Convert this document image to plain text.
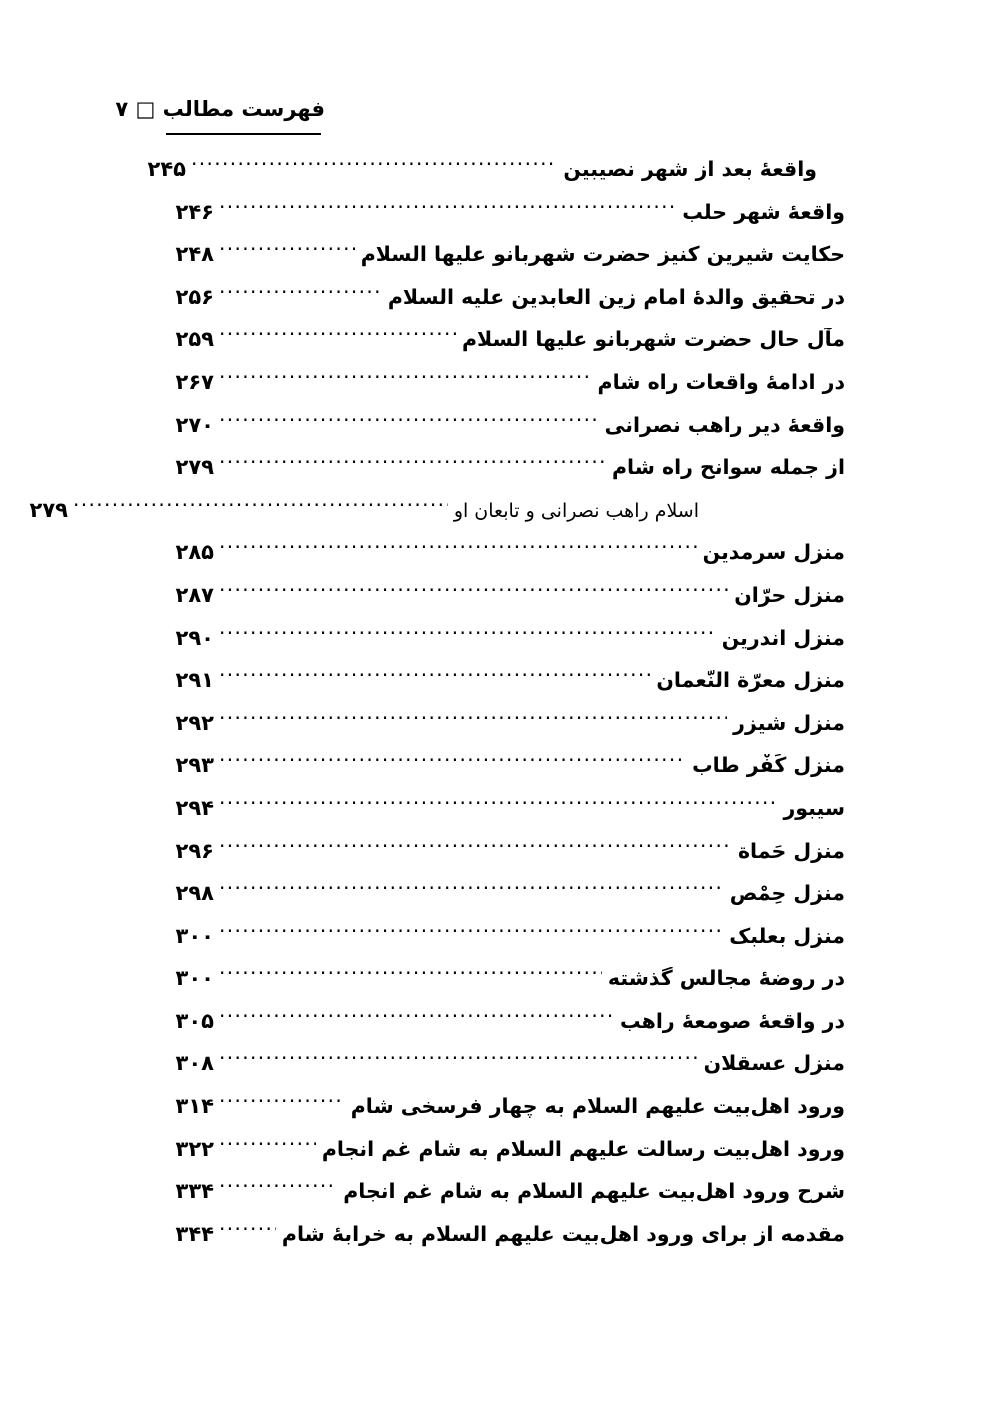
فهرست مطالب □ ۷
واقعهٔ بعد از شهر نصیبین
.....
۲۴۵
واقعهٔ شهر حلب
.....
۲۴۶
حکایت شیرین کنیز حضرت شهربانو علیها السلام
.....
۲۴۸
در تحقیق والدهٔ امام زین العابدین علیه السلام
.....
۲۵۶
مآل حال حضرت شهربانو علیها السلام
.....
۲۵۹
در ادامهٔ واقعات راه شام
.....
۲۶۷
واقعهٔ دیر راهب نصرانی
.....
۲۷۰
از جمله سوانح راه شام
.....
۲۷۹
اسلام راهب نصرانی و تابعان او
.....
۲۷۹
منزل سرمدین
.....
۲۸۵
منزل حرّان
.....
۲۸۷
منزل اندرین
.....
۲۹۰
منزل معرّة النّعمان
.....
۲۹۱
منزل شیزر
.....
۲۹۲
منزل کَفْر طاب
.....
۲۹۳
سیبور
.....
۲۹۴
منزل حَماة
.....
۲۹۶
منزل حِمْص
.....
۲۹۸
منزل بعلبک
.....
۳۰۰
در روضهٔ مجالس گذشته
.....
۳۰۰
در واقعهٔ صومعهٔ راهب
.....
۳۰۵
منزل عسقلان
.....
۳۰۸
ورود اهل‌بیت علیهم السلام به چهار فرسخی شام
.....
۳۱۴
ورود اهل‌بیت رسالت علیهم السلام به شام غم انجام
.....
۳۲۲
شرح ورود اهل‌بیت علیهم السلام به شام غم انجام
.....
۳۳۴
مقدمه از برای ورود اهل‌بیت علیهم السلام به خرابهٔ شام
.....
۳۴۴
